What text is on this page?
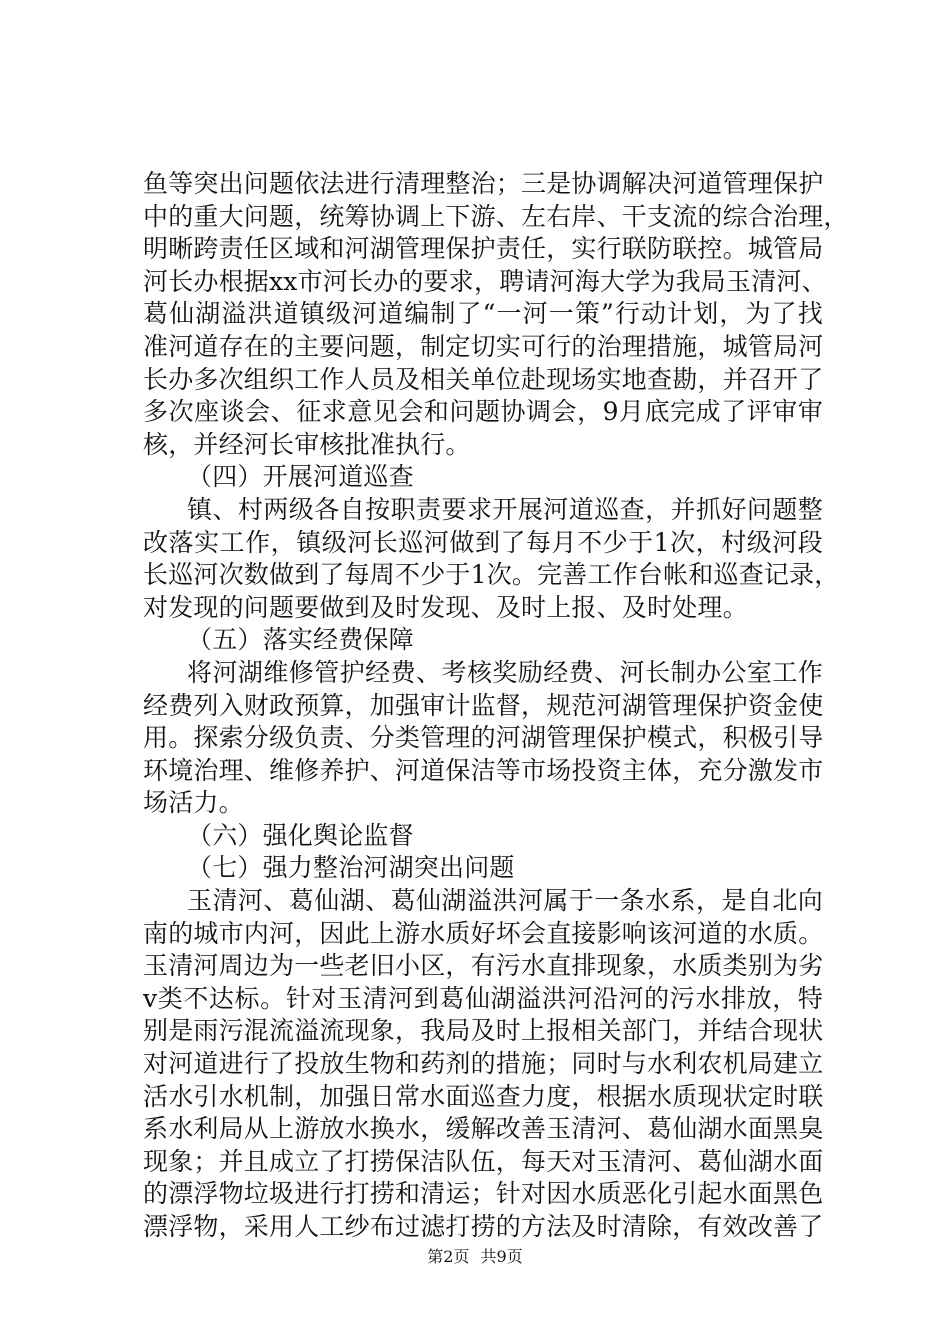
鱼等突出问题依法进行清理整治；三是协调解决河道管理保护
中的重大问题，统筹协调上下游、左右岸、干支流的综合治理，
明晰跨责任区域和河湖管理保护责任，实行联防联控。城管局
河长办根据xx市河长办的要求，聘请河海大学为我局玉清河、
葛仙湖溢洪道镇级河道编制了“一河一策”行动计划，为了找
准河道存在的主要问题，制定切实可行的治理措施，城管局河
长办多次组织工作人员及相关单位赴现场实地查勘，并召开了
多次座谈会、征求意见会和问题协调会，9月底完成了评审审
核，并经河长审核批准执行。
（四）开展河道巡查
镇、村两级各自按职责要求开展河道巡查，并抓好问题整
改落实工作，镇级河长巡河做到了每月不少于1次，村级河段
长巡河次数做到了每周不少于1次。完善工作台帐和巡查记录，
对发现的问题要做到及时发现、及时上报、及时处理。
（五）落实经费保障
将河湖维修管护经费、考核奖励经费、河长制办公室工作
经费列入财政预算，加强审计监督，规范河湖管理保护资金使
用。探索分级负责、分类管理的河湖管理保护模式，积极引导
环境治理、维修养护、河道保洁等市场投资主体，充分激发市
场活力。
（六）强化舆论监督
（七）强力整治河湖突出问题
玉清河、葛仙湖、葛仙湖溢洪河属于一条水系，是自北向
南的城市内河，因此上游水质好坏会直接影响该河道的水质。
玉清河周边为一些老旧小区，有污水直排现象，水质类别为劣
v类不达标。针对玉清河到葛仙湖溢洪河沿河的污水排放，特
别是雨污混流溢流现象，我局及时上报相关部门，并结合现状
对河道进行了投放生物和药剂的措施；同时与水利农机局建立
活水引水机制，加强日常水面巡查力度，根据水质现状定时联
系水利局从上游放水换水，缓解改善玉清河、葛仙湖水面黑臭
现象；并且成立了打捞保洁队伍，每天对玉清河、葛仙湖水面
的漂浮物垃圾进行打捞和清运；针对因水质恶化引起水面黑色
漂浮物，采用人工纱布过滤打捞的方法及时清除，有效改善了
第2页 共9页
